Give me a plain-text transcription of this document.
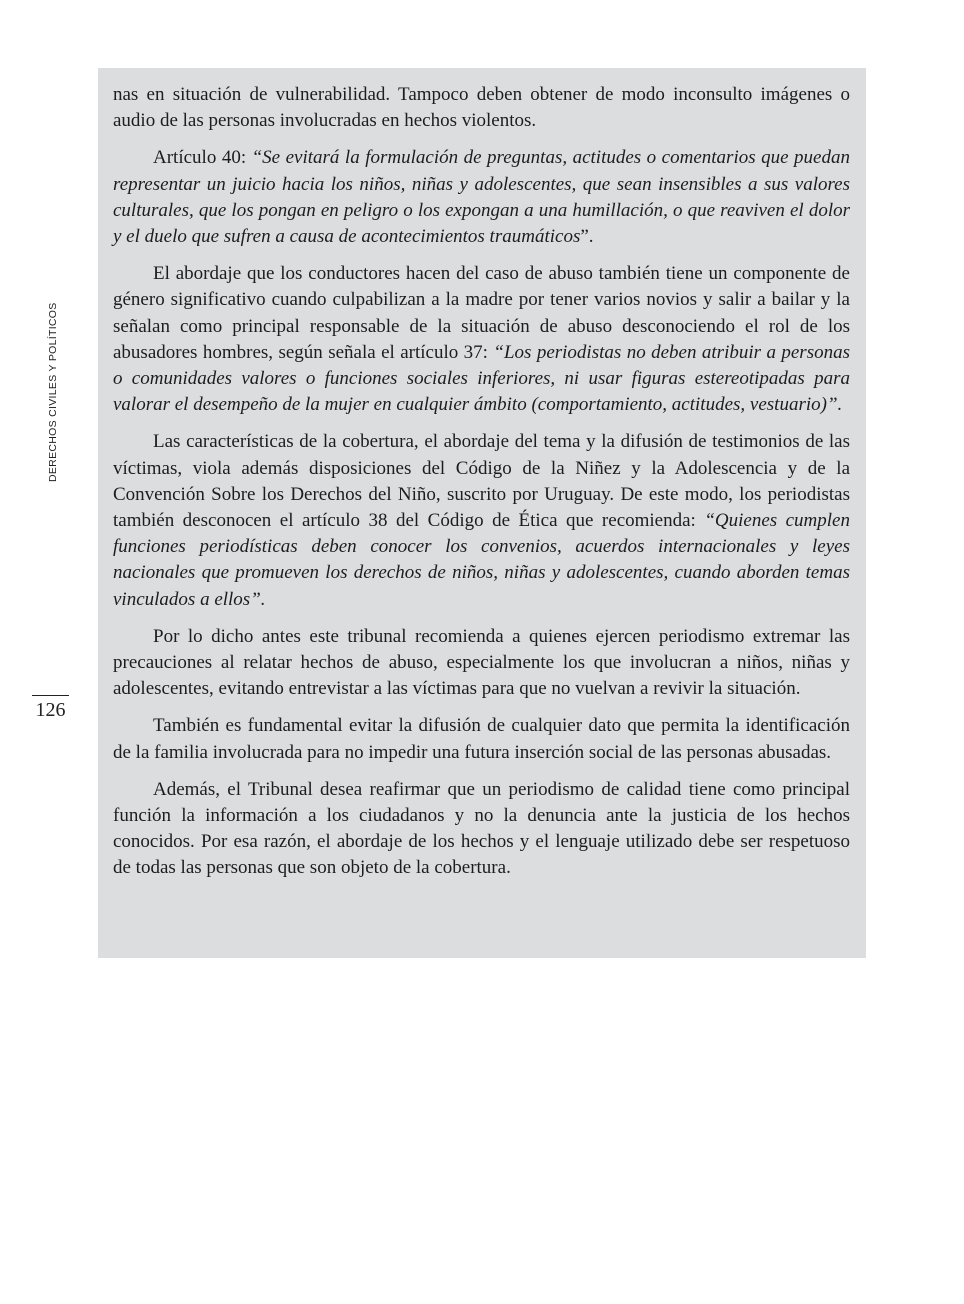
DERECHOS CIVILES Y POLÍTICOS
126

nas en situación de vulnerabilidad. Tampoco deben obtener de modo inconsulto imágenes o audio de las personas involucradas en hechos violentos.

Artículo 40: “Se evitará la formulación de preguntas, actitudes o comentarios que puedan representar un juicio hacia los niños, niñas y adolescentes, que sean insensibles a sus valores culturales, que los pongan en peligro o los expongan a una humillación, o que reaviven el dolor y el duelo que sufren a causa de acontecimientos traumáticos”.

El abordaje que los conductores hacen del caso de abuso también tiene un componente de género significativo cuando culpabilizan a la madre por tener varios novios y salir a bailar y la señalan como principal responsable de la situación de abuso desconociendo el rol de los abusadores hombres, según señala el artículo 37: “Los periodistas no deben atribuir a personas o comunidades valores o funciones sociales inferiores, ni usar figuras estereotipadas para valorar el desempeño de la mujer en cualquier ámbito (comportamiento, actitudes, vestuario)”.

Las características de la cobertura, el abordaje del tema y la difusión de testimonios de las víctimas, viola además disposiciones del Código de la Niñez y la Adolescencia y de la Convención Sobre los Derechos del Niño, suscrito por Uruguay. De este modo, los periodistas también desconocen el artículo 38 del Código de Ética que recomienda: “Quienes cumplen funciones periodísticas deben conocer los convenios, acuerdos internacionales y leyes nacionales que promueven los derechos de niños, niñas y adolescentes, cuando aborden temas vinculados a ellos”.

Por lo dicho antes este tribunal recomienda a quienes ejercen periodismo extremar las precauciones al relatar hechos de abuso, especialmente los que involucran a niños, niñas y adolescentes, evitando entrevistar a las víctimas para que no vuelvan a revivir la situación.

También es fundamental evitar la difusión de cualquier dato que permita la identificación de la familia involucrada para no impedir una futura inserción social de las personas abusadas.

Además, el Tribunal desea reafirmar que un periodismo de calidad tiene como principal función la información a los ciudadanos y no la denuncia ante la justicia de los hechos conocidos. Por esa razón, el abordaje de los hechos y el lenguaje utilizado debe ser respetuoso de todas las personas que son objeto de la cobertura.
